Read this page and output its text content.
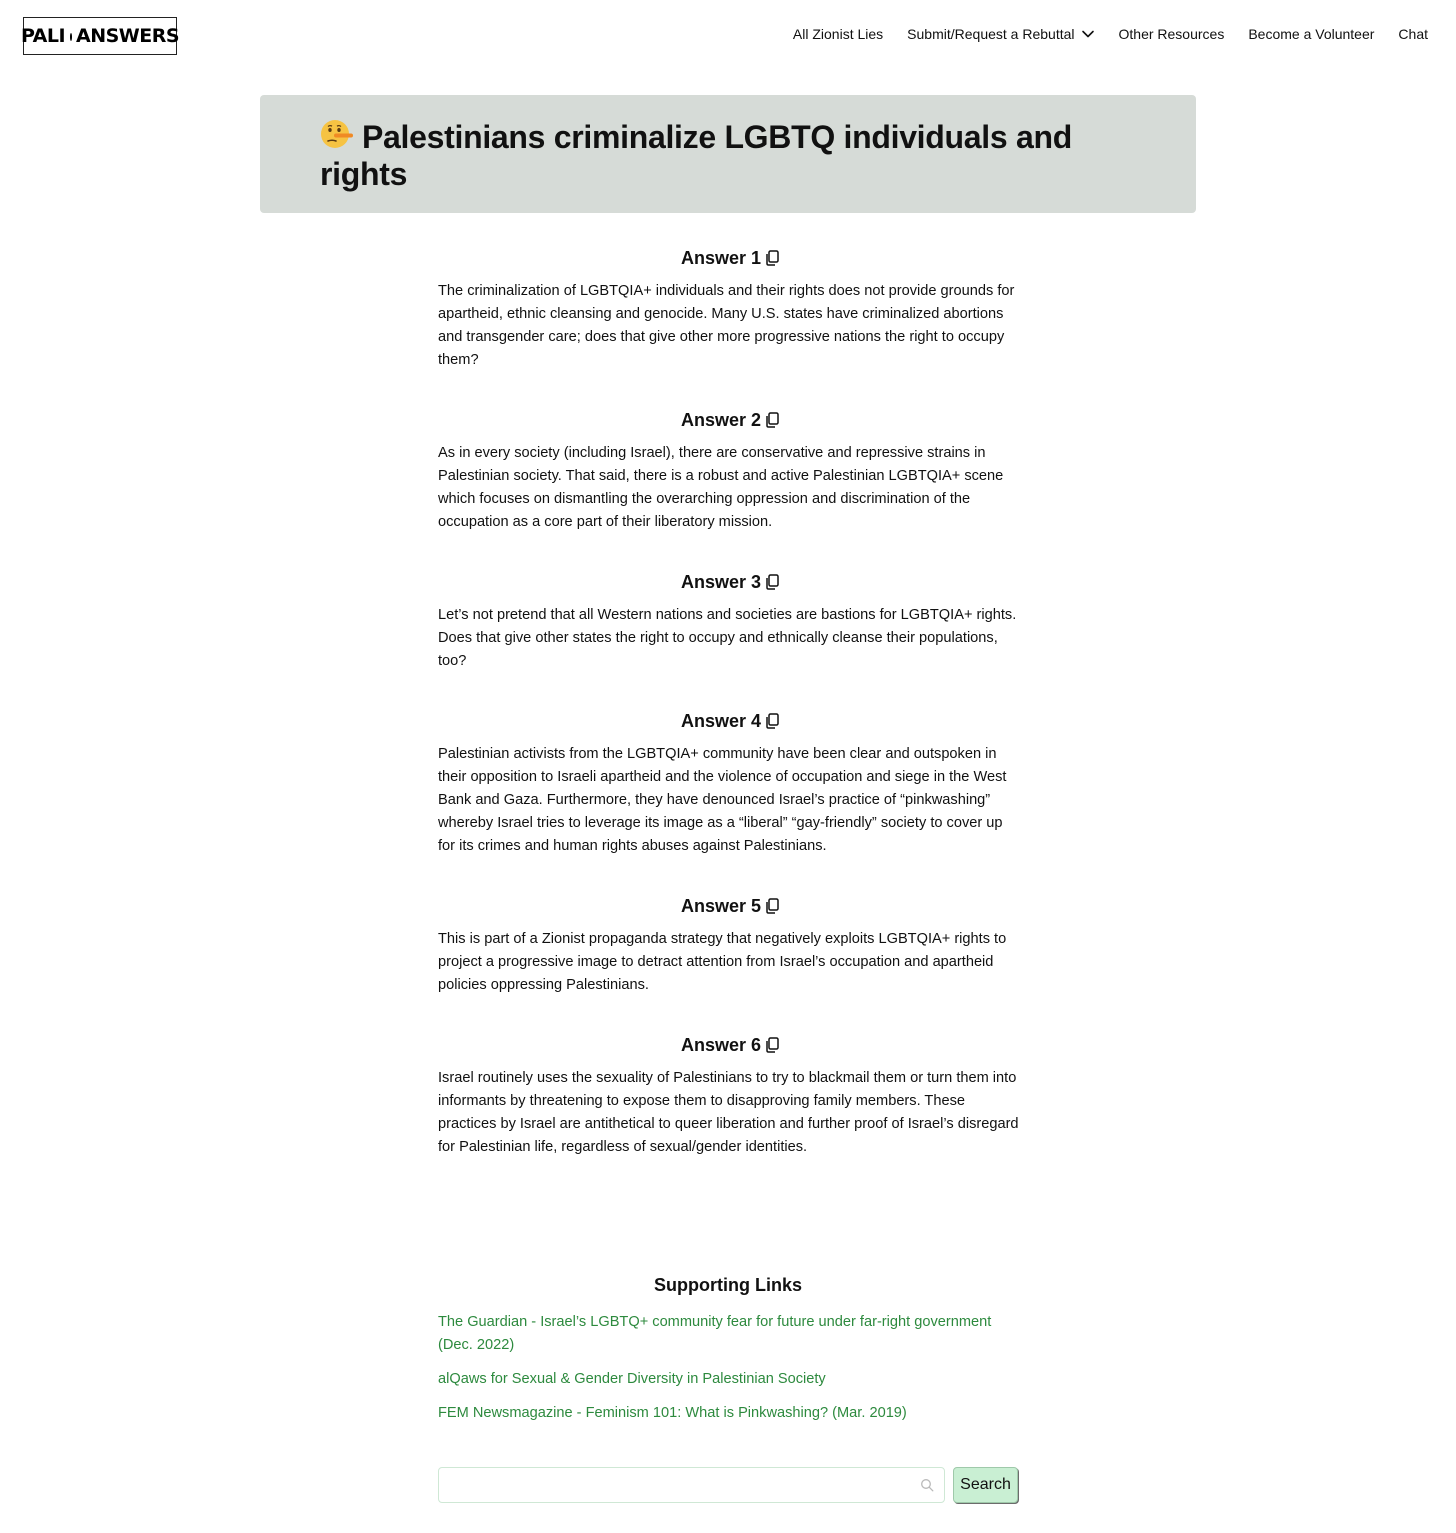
PALI ANSWERS	All Zionist Lies Submit/Request a Rebuttal	Other Resources Become a Volunteer Chat
Palestinians criminalize LGBTQ individuals and rights
Answer 1

The criminalization of LGBTQIA+ individuals and their rights does not provide grounds for apartheid, ethnic cleansing and genocide. Many U.S. states have criminalized abortions and transgender care; does that give other more progressive nations the right to occupy them?

Answer 2

As in every society (including Israel), there are conservative and repressive strains in Palestinian society. That said, there is a robust and active Palestinian LGBTQIA+ scene which focuses on dismantling the overarching oppression and discrimination of the occupation as a core part of their liberatory mission.

Answer 3

Let’s not pretend that all Western nations and societies are bastions for LGBTQIA+ rights. Does that give other states the right to occupy and ethnically cleanse their populations, too?

Answer 4

Palestinian activists from the LGBTQIA+ community have been clear and outspoken in their opposition to Israeli apartheid and the violence of occupation and siege in the West Bank and Gaza. Furthermore, they have denounced Israel’s practice of “pinkwashing” whereby Israel tries to leverage its image as a “liberal” “gay-friendly” society to cover up for its crimes and human rights abuses against Palestinians.

Answer 5

This is part of a Zionist propaganda strategy that negatively exploits LGBTQIA+ rights to project a progressive image to detract attention from Israel’s occupation and apartheid policies oppressing Palestinians.

Answer 6

Israel routinely uses the sexuality of Palestinians to try to blackmail them or turn them into informants by threatening to expose them to disapproving family members. These practices by Israel are antithetical to queer liberation and further proof of Israel’s disregard for Palestinian life, regardless of sexual/gender identities.

Supporting Links
The Guardian - Israel’s LGBTQ+ community fear for future under far-right government (Dec. 2022)
alQaws for Sexual & Gender Diversity in Palestinian Society
FEM Newsmagazine - Feminism 101: What is Pinkwashing? (Mar. 2019)
Search
